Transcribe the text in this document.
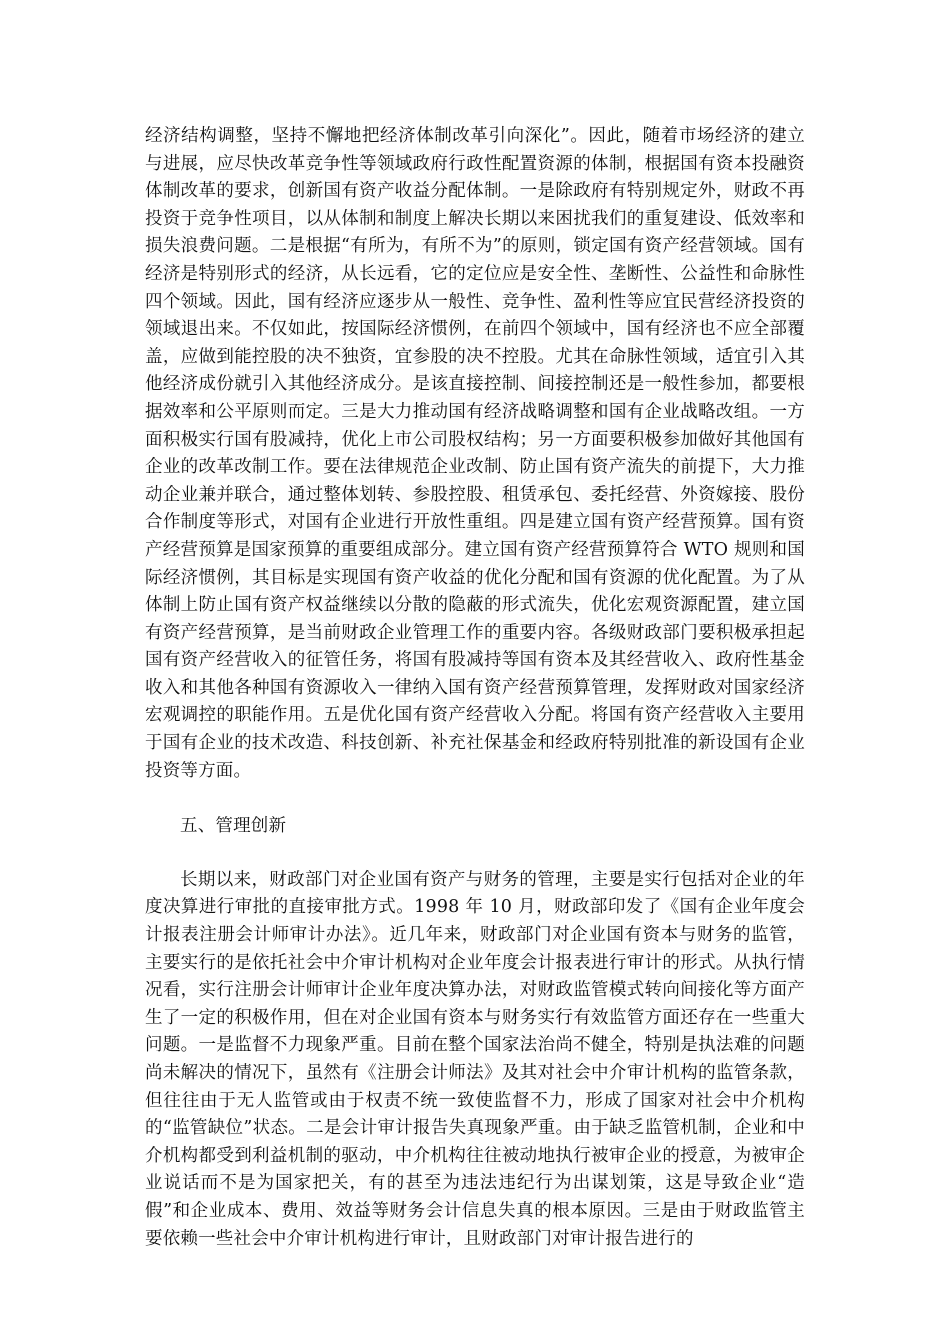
经济结构调整，坚持不懈地把经济体制改革引向深化”。因此，随着市场经济的建立与进展，应尽快改革竞争性等领域政府行政性配置资源的体制，根据国有资本投融资体制改革的要求，创新国有资产收益分配体制。一是除政府有特别规定外，财政不再投资于竞争性项目，以从体制和制度上解决长期以来困扰我们的重复建设、低效率和损失浪费问题。二是根据“有所为，有所不为”的原则，锁定国有资产经营领域。国有经济是特别形式的经济，从长远看，它的定位应是安全性、垄断性、公益性和命脉性四个领域。因此，国有经济应逐步从一般性、竞争性、盈利性等应宜民营经济投资的领域退出来。不仅如此，按国际经济惯例，在前四个领域中，国有经济也不应全部覆盖，应做到能控股的决不独资，宜参股的决不控股。尤其在命脉性领域，适宜引入其他经济成份就引入其他经济成分。是该直接控制、间接控制还是一般性参加，都要根据效率和公平原则而定。三是大力推动国有经济战略调整和国有企业战略改组。一方面积极实行国有股减持，优化上市公司股权结构；另一方面要积极参加做好其他国有企业的改革改制工作。要在法律规范企业改制、防止国有资产流失的前提下，大力推动企业兼并联合，通过整体划转、参股控股、租赁承包、委托经营、外资嫁接、股份合作制度等形式，对国有企业进行开放性重组。四是建立国有资产经营预算。国有资产经营预算是国家预算的重要组成部分。建立国有资产经营预算符合 WTO 规则和国际经济惯例，其目标是实现国有资产收益的优化分配和国有资源的优化配置。为了从体制上防止国有资产权益继续以分散的隐蔽的形式流失，优化宏观资源配置，建立国有资产经营预算，是当前财政企业管理工作的重要内容。各级财政部门要积极承担起国有资产经营收入的征管任务，将国有股减持等国有资本及其经营收入、政府性基金收入和其他各种国有资源收入一律纳入国有资产经营预算管理，发挥财政对国家经济宏观调控的职能作用。五是优化国有资产经营收入分配。将国有资产经营收入主要用于国有企业的技术改造、科技创新、补充社保基金和经政府特别批准的新设国有企业投资等方面。

五、管理创新

长期以来，财政部门对企业国有资产与财务的管理，主要是实行包括对企业的年度决算进行审批的直接审批方式。1998 年 10 月，财政部印发了《国有企业年度会计报表注册会计师审计办法》。近几年来，财政部门对企业国有资本与财务的监管，主要实行的是依托社会中介审计机构对企业年度会计报表进行审计的形式。从执行情况看，实行注册会计师审计企业年度决算办法，对财政监管模式转向间接化等方面产生了一定的积极作用，但在对企业国有资本与财务实行有效监管方面还存在一些重大问题。一是监督不力现象严重。目前在整个国家法治尚不健全，特别是执法难的问题尚未解决的情况下，虽然有《注册会计师法》及其对社会中介审计机构的监管条款，但往往由于无人监管或由于权责不统一致使监督不力，形成了国家对社会中介机构的“监管缺位”状态。二是会计审计报告失真现象严重。由于缺乏监管机制，企业和中介机构都受到利益机制的驱动，中介机构往往被动地执行被审企业的授意，为被审企业说话而不是为国家把关，有的甚至为违法违纪行为出谋划策，这是导致企业“造假”和企业成本、费用、效益等财务会计信息失真的根本原因。三是由于财政监管主要依赖一些社会中介审计机构进行审计，且财政部门对审计报告进行的
